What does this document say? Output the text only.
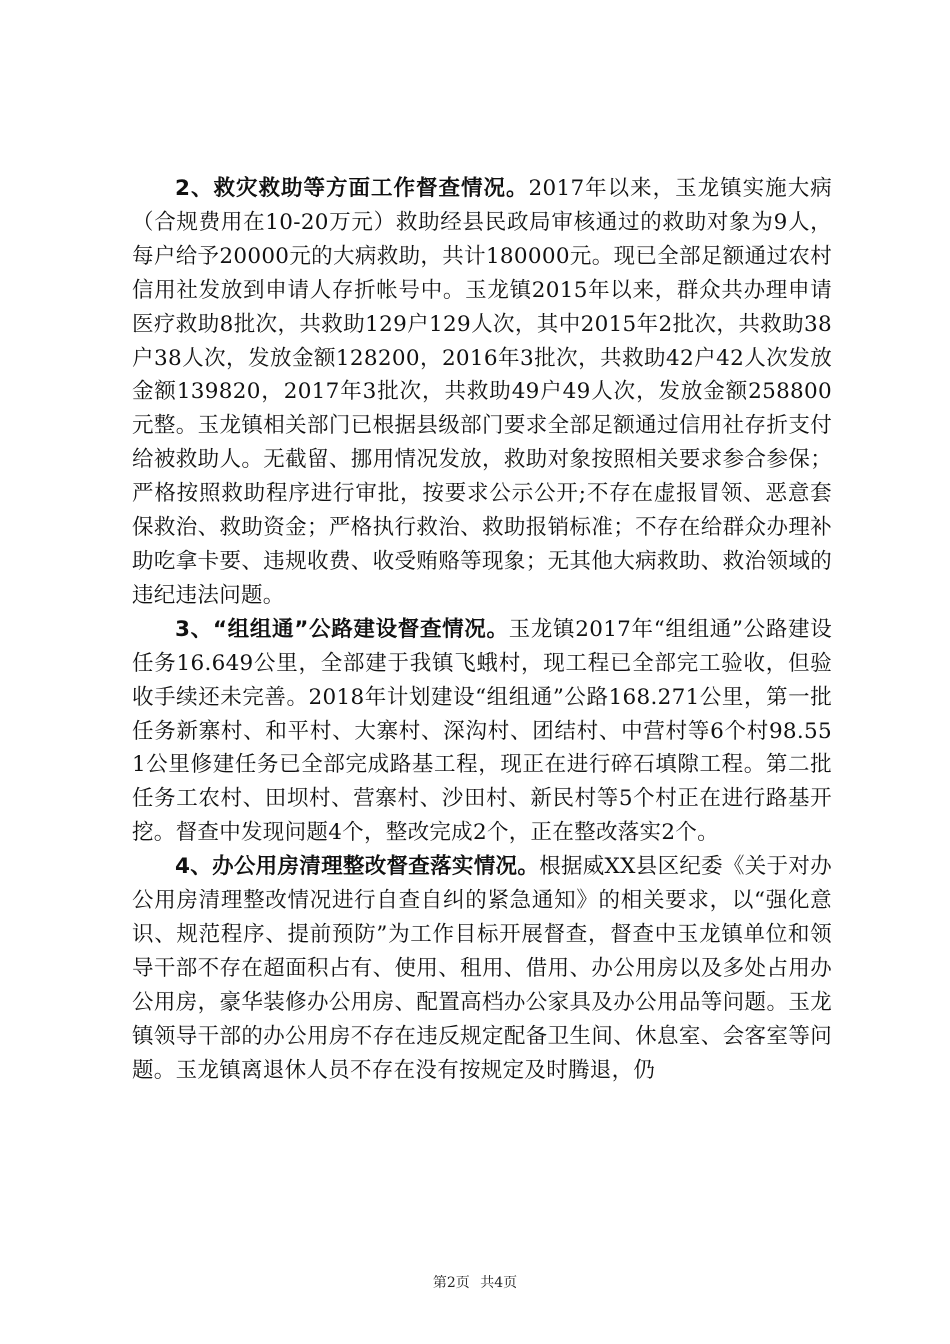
2、救灾救助等方面工作督查情况。2017年以来，玉龙镇实施大病（合规费用在10-20万元）救助经县民政局审核通过的救助对象为9人，每户给予20000元的大病救助，共计180000元。现已全部足额通过农村信用社发放到申请人存折帐号中。玉龙镇2015年以来，群众共办理申请医疗救助8批次，共救助129户129人次，其中2015年2批次，共救助38户38人次，发放金额128200，2016年3批次，共救助42户42人次发放金额139820，2017年3批次，共救助49户49人次，发放金额258800元整。玉龙镇相关部门已根据县级部门要求全部足额通过信用社存折支付给被救助人。无截留、挪用情况发放，救助对象按照相关要求参合参保；严格按照救助程序进行审批，按要求公示公开;不存在虚报冒领、恶意套保救治、救助资金；严格执行救治、救助报销标准；不存在给群众办理补助吃拿卡要、违规收费、收受贿赂等现象；无其他大病救助、救治领域的违纪违法问题。

3、“组组通”公路建设督查情况。玉龙镇2017年“组组通”公路建设任务16.649公里，全部建于我镇飞蛾村，现工程已全部完工验收，但验收手续还未完善。2018年计划建设“组组通”公路168.271公里，第一批任务新寨村、和平村、大寨村、深沟村、团结村、中营村等6个村98.551公里修建任务已全部完成路基工程，现正在进行碎石填隙工程。第二批任务工农村、田坝村、营寨村、沙田村、新民村等5个村正在进行路基开挖。督查中发现问题4个，整改完成2个，正在整改落实2个。

4、办公用房清理整改督查落实情况。根据威XX县区纪委《关于对办公用房清理整改情况进行自查自纠的紧急通知》的相关要求，以“强化意识、规范程序、提前预防”为工作目标开展督查，督查中玉龙镇单位和领导干部不存在超面积占有、使用、租用、借用、办公用房以及多处占用办公用房，豪华装修办公用房、配置高档办公家具及办公用品等问题。玉龙镇领导干部的办公用房不存在违反规定配备卫生间、休息室、会客室等问题。玉龙镇离退休人员不存在没有按规定及时腾退，仍

第2页 共4页
